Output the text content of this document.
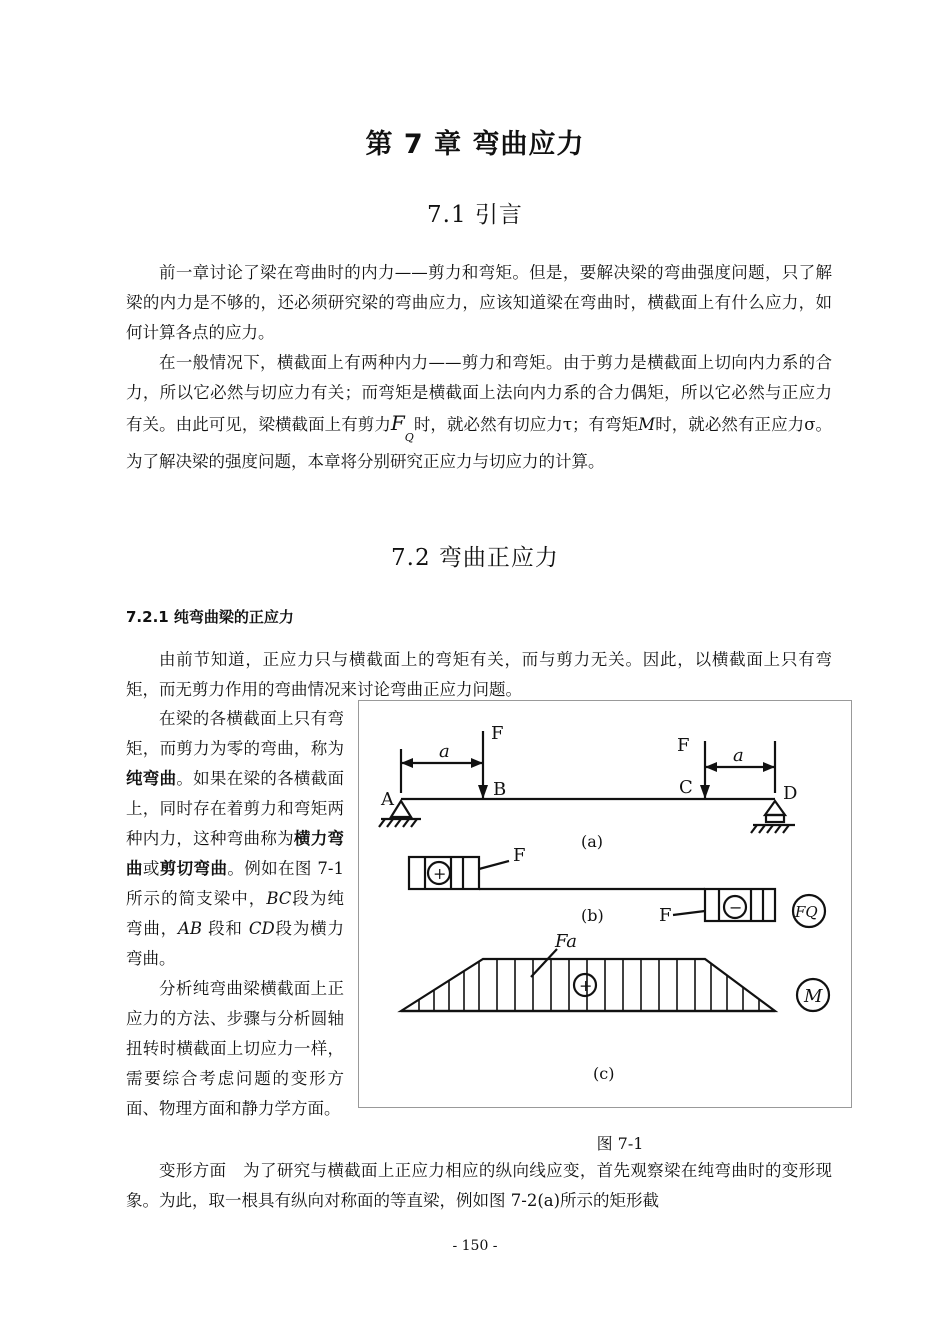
第 7 章 弯曲应力
7.1 引言

前一章讨论了梁在弯曲时的内力——剪力和弯矩。但是，要解决梁的弯曲强度问题，只了解梁的内力是不够的，还必须研究梁的弯曲应力，应该知道梁在弯曲时，横截面上有什么应力，如何计算各点的应力。

在一般情况下，横截面上有两种内力——剪力和弯矩。由于剪力是横截面上切向内力系的合力，所以它必然与切应力有关；而弯矩是横截面上法向内力系的合力偶矩，所以它必然与正应力有关。由此可见，梁横截面上有剪力$F_Q$时，就必然有切应力τ；有弯矩M时，就必然有正应力σ。为了解决梁的强度问题，本章将分别研究正应力与切应力的计算。

7.2 弯曲正应力
7.2.1 纯弯曲梁的正应力

由前节知道，正应力只与横截面上的弯矩有关，而与剪力无关。因此，以横截面上只有弯矩，而无剪力作用的弯曲情况来讨论弯曲正应力问题。

在梁的各横截面上只有弯矩，而剪力为零的弯曲，称为纯弯曲。如果在梁的各横截面上，同时存在着剪力和弯矩两种内力，这种弯曲称为横力弯曲或剪切弯曲。例如在图 7-1 所示的简支梁中，BC段为纯弯曲，AB 段和 CD段为横力弯曲。

分析纯弯曲梁横截面上正应力的方法、步骤与分析圆轴扭转时横截面上切应力一样，需要综合考虑问题的变形方面、物理方面和静力学方面。

a
F
A	B
F a
C	D
(a)
F
(b)	F	FQ
Fa
M
(c)
+
−
+
图 7-1

变形方面　为了研究与横截面上正应力相应的纵向线应变，首先观察梁在纯弯曲时的变形现象。为此，取一根具有纵向对称面的等直梁，例如图 7-2(a)所示的矩形截

- 150 -
